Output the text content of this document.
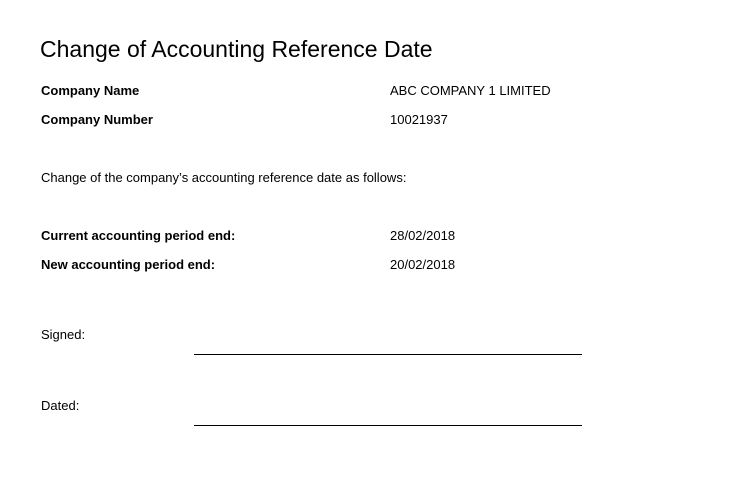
Change of Accounting Reference Date
Company Name	ABC COMPANY 1 LIMITED
Company Number	10021937
Change of the company’s accounting reference date as follows:
Current accounting period end:	28/02/2018
New accounting period end:	20/02/2018
Signed:
Dated:
